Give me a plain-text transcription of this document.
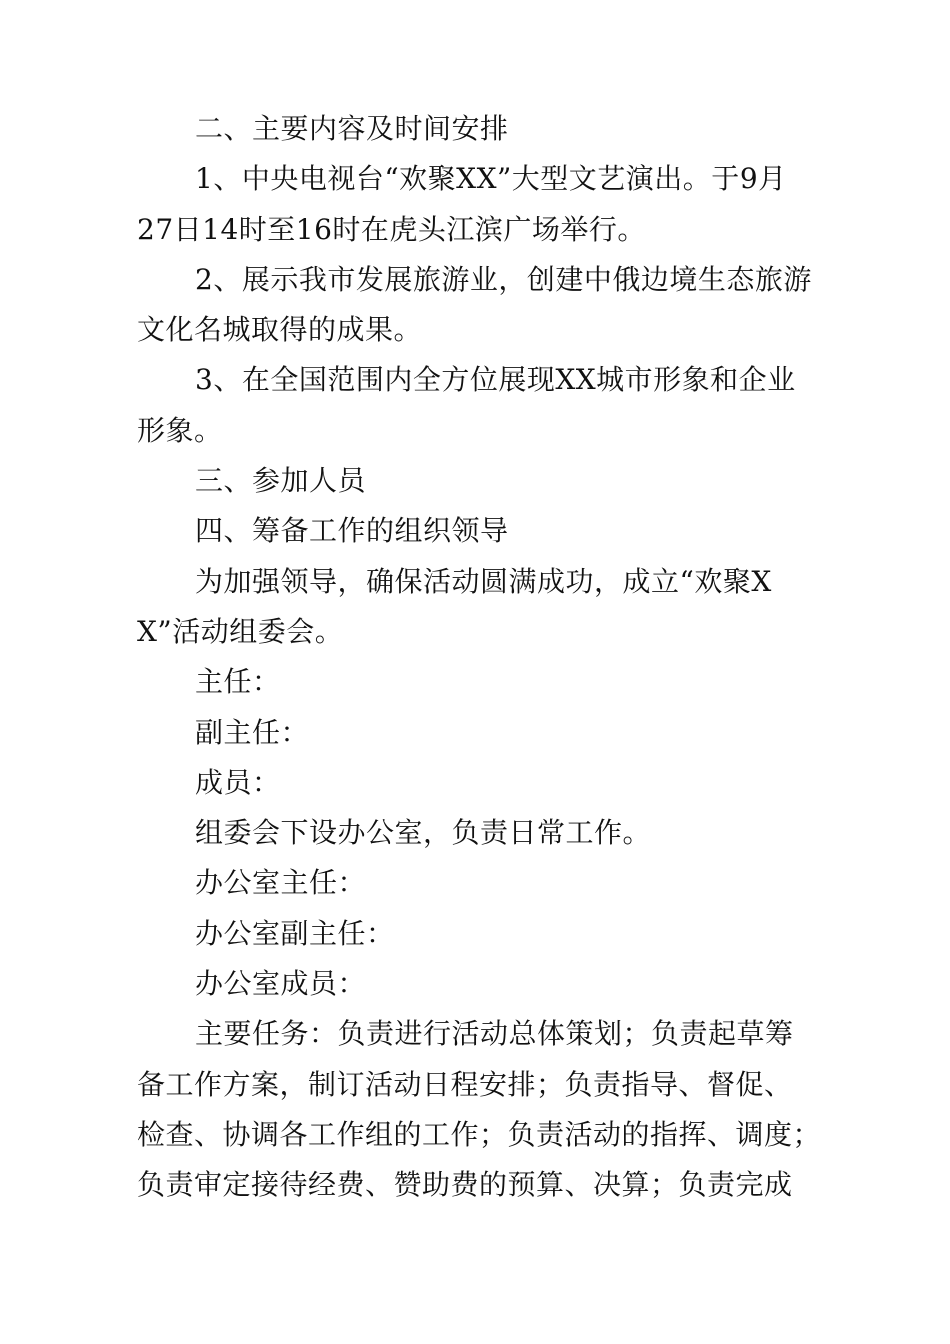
二、主要内容及时间安排
1、中央电视台“欢聚XX”大型文艺演出。于9月
27日14时至16时在虎头江滨广场举行。
2、展示我市发展旅游业，创建中俄边境生态旅游
文化名城取得的成果。
3、在全国范围内全方位展现XX城市形象和企业
形象。
三、参加人员
四、筹备工作的组织领导
为加强领导，确保活动圆满成功，成立“欢聚X
X”活动组委会。
主任：
副主任：
成员：
组委会下设办公室，负责日常工作。
办公室主任：
办公室副主任：
办公室成员：
主要任务：负责进行活动总体策划；负责起草筹
备工作方案，制订活动日程安排；负责指导、督促、
检查、协调各工作组的工作；负责活动的指挥、调度；
负责审定接待经费、赞助费的预算、决算；负责完成
